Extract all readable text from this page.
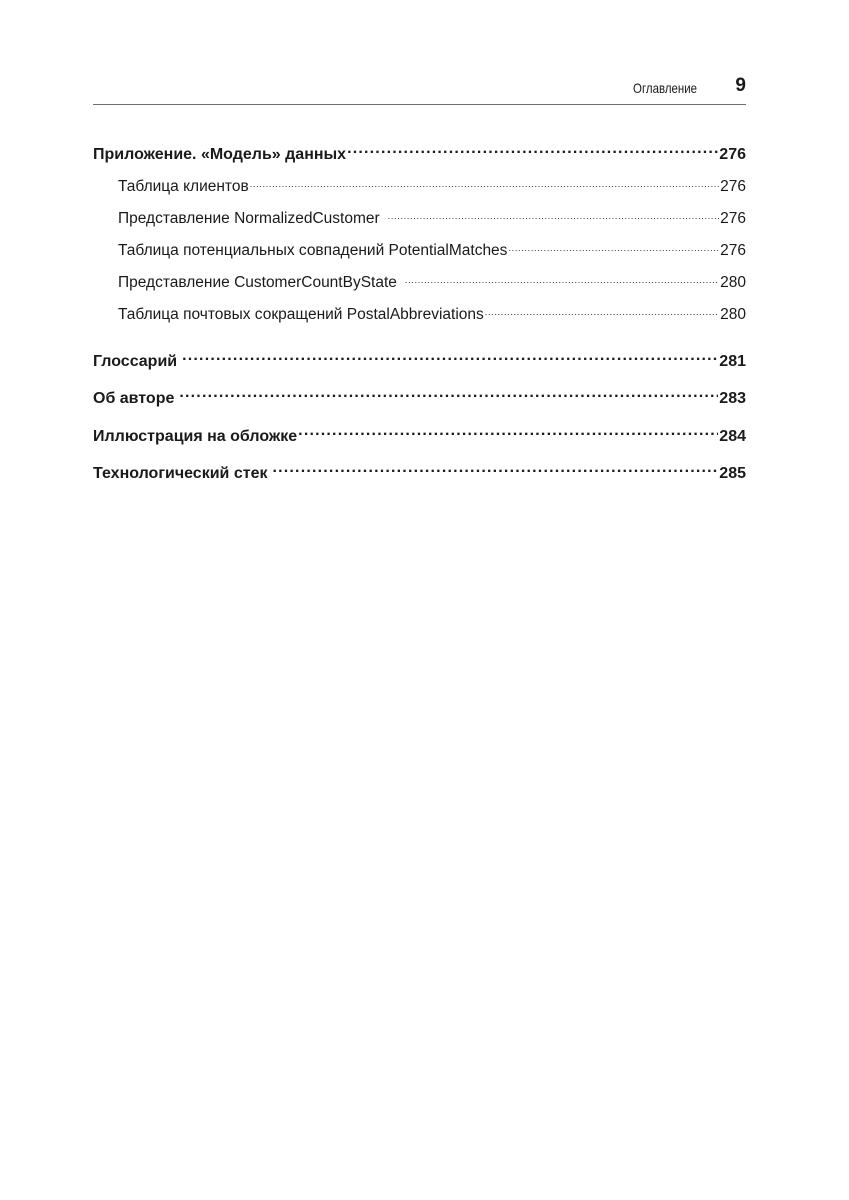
Оглавление 9
Приложение. «Модель» данных .....	276
Таблица клиентов .....	276
Представление NormalizedCustomer .....	276
Таблица потенциальных совпадений PotentialMatches .....	276
Представление CustomerCountByState .....	280
Таблица почтовых сокращений PostalAbbreviations .....	280
Глоссарий .....	281
Об авторе .....	283
Иллюстрация на обложке .....	284
Технологический стек .....	285
